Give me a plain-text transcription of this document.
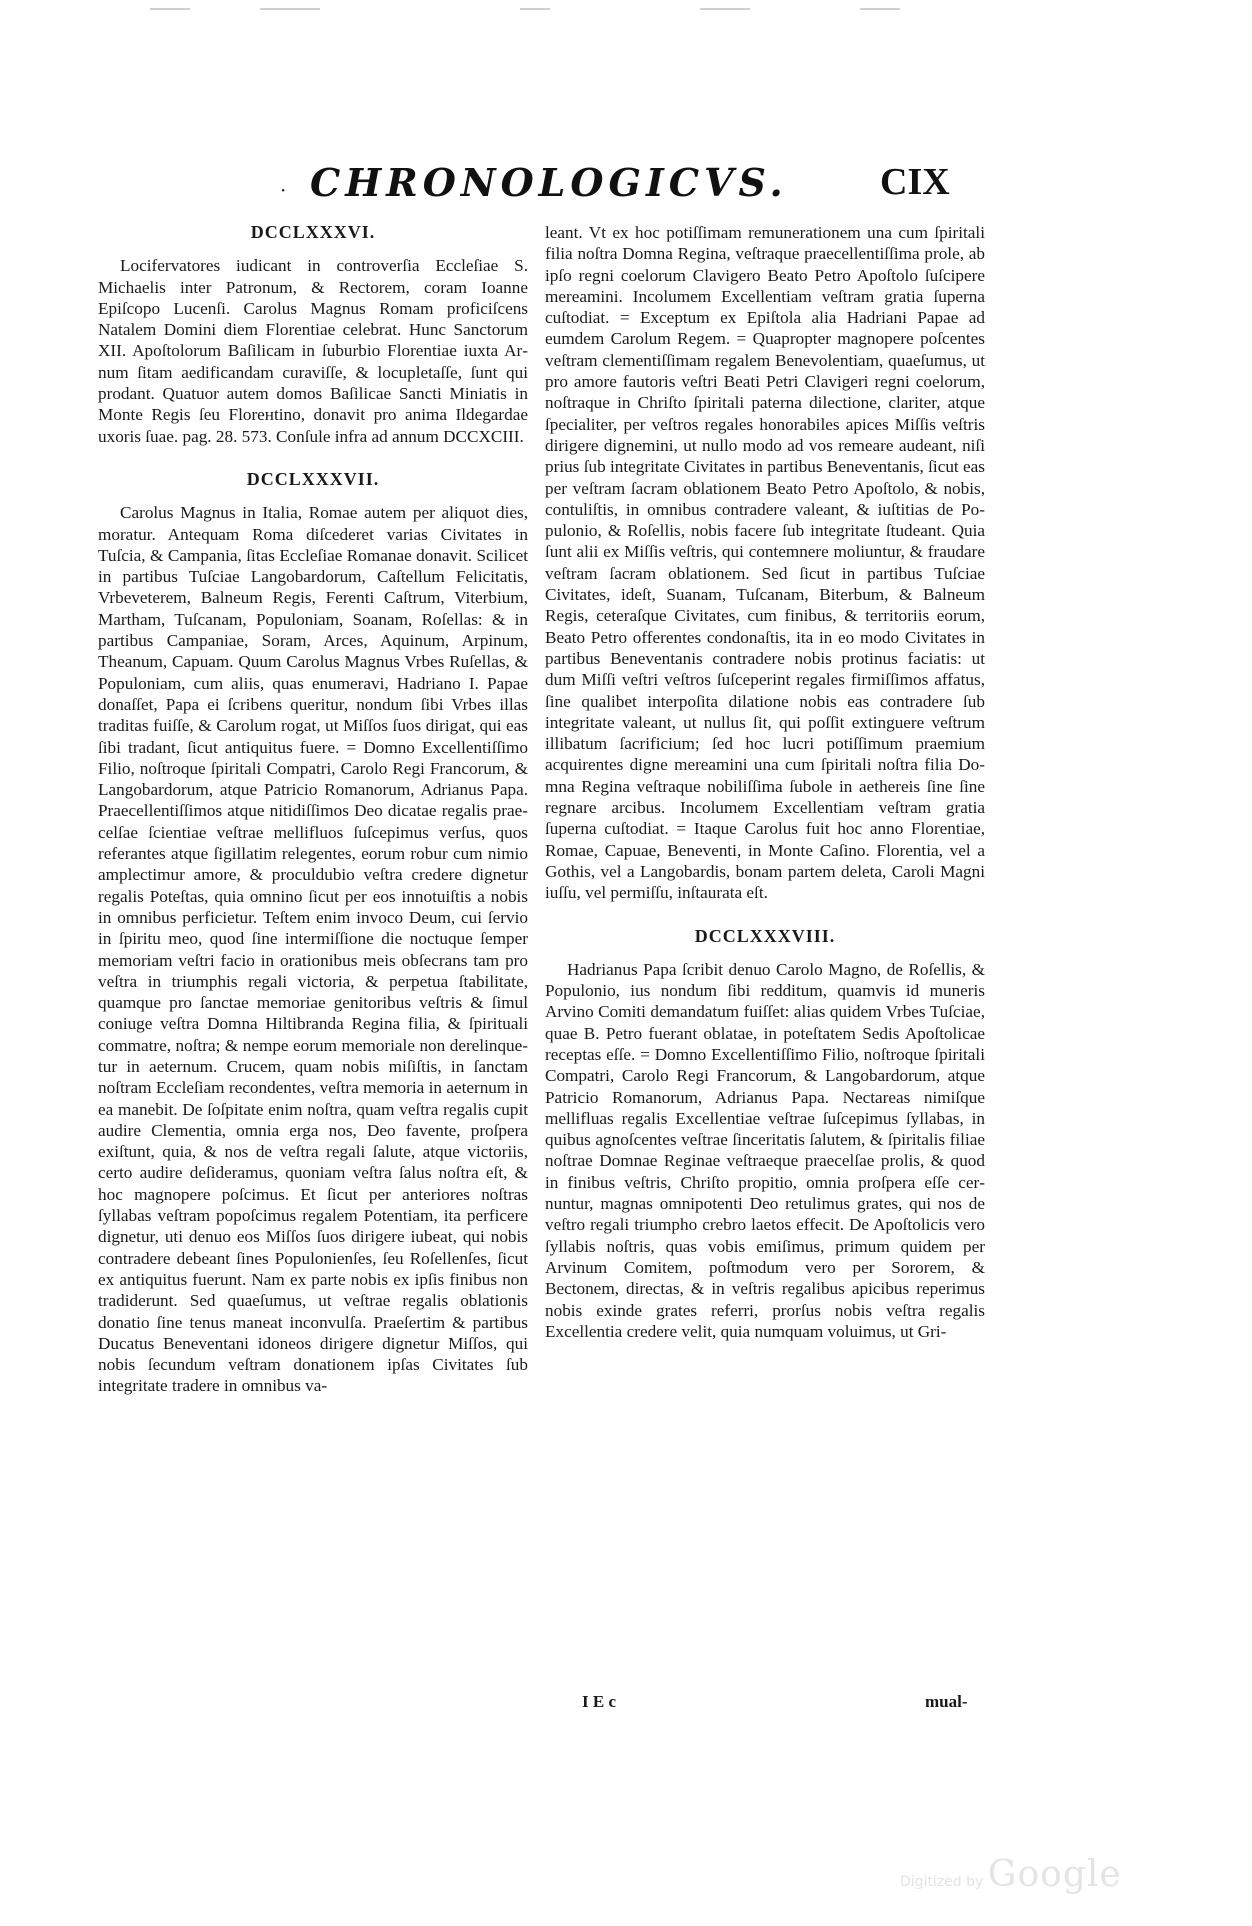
· CHRONOLOGICVS. CIX
DCCLXXXVI.

Locifervatores iudicant in controverſia Eccleſiae S. Michaelis inter Patronum, & Rectorem, coram Ioanne Epiſcopo Lucenſi. Carolus Magnus Romam proficiſcens Natalem Domini diem Florentiae celebrat. Hunc Sanctorum XII. Apoſtolorum Baſilicam in ſuburbio Florentiae iuxta Arnum ſitam aedificandam curaviſſe, & locupletaſſe, ſunt qui prodant. Quatuor autem domos Baſilicae Sancti Miniatis in Monte Regis ſeu Florенtino, donavit pro anima Ildegardae uxoris ſuae. pag. 28. 573. Conſule infra ad annum DCCXCIII.

DCCLXXXVII.

Carolus Magnus in Italia, Romae autem per aliquot dies, moratur. Antequam Roma diſcederet varias Civitates in Tuſcia, & Campania, ſitas Eccleſiae Romanae donavit. Scilicet in partibus Tuſciae Langobardorum, Caſtellum Felicitatis, Vrbeveterem, Balneum Regis, Ferenti Caſtrum, Viterbium, Martham, Tuſcanam, Populoniam, Soanam, Roſellas: & in partibus Campaniae, Soram, Arces, Aquinum, Arpinum, Theanum, Capuam. Quum Carolus Magnus Vrbes Ruſellas, & Populoniam, cum aliis, quas enumeravi, Hadriano I. Papae donaſſet, Papa ei ſcribens queritur, nondum ſibi Vrbes illas traditas fuiſſe, & Carolum rogat, ut Miſſos ſuos dirigat, qui eas ſibi tradant, ſicut antiquitus fuere. = Domno Excellentiſſimo Filio, noſtroque ſpiritali Compatri, Carolo Regi Francorum, & Langobardorum, atque Patricio Romanorum, Adrianus Papa. Praecellentiſſimos atque nitidiſſimos Deo dicatae regalis praecelſae ſcientiae veſtrae mellifluos ſuſcepimus verſus, quos referantes atque ſigillatim relegentes, eorum robur cum nimio amplectimur amore, & proculdubio veſtra credere dignetur regalis Poteſtas, quia omnino ſicut per eos innotuiſtis a nobis in omnibus perficietur. Teſtem enim invoco Deum, cui ſervio in ſpiritu meo, quod ſine intermiſſione die noctuque ſemper memoriam veſtri facio in orationibus meis obſecrans tam pro veſtra in triumphis regali victoria, & perpetua ſtabilitate, quamque pro ſanctae memoriae genitoribus veſtris & ſimul coniuge veſtra Domna Hiltibranda Regina filia, & ſpirituali commatre, noſtra; & nempe eorum memoriale non derelinquetur in aeternum. Crucem, quam nobis miſiſtis, in ſanctam noſtram Eccleſiam recondentes, veſtra memoria in aeternum in ea manebit. De ſoſpitate enim noſtra, quam veſtra regalis cupit audire Clementia, omnia erga nos, Deo favente, proſpera exiſtunt, quia, & nos de veſtra regali ſalute, atque victoriis, certo audire deſideramus, quoniam veſtra ſalus noſtra eſt, & hoc magnopere poſcimus. Et ſicut per anteriores noſtras ſyllabas veſtram popoſcimus regalem Potentiam, ita perficere dignetur, uti denuo eos Miſſos ſuos dirigere iubeat, qui nobis contradere debeant ſines Populonienſes, ſeu Roſellenſes, ſicut ex antiquitus fuerunt. Nam ex parte nobis ex ipſis finibus non tradiderunt. Sed quaeſumus, ut veſtrae regalis oblationis donatio ſine tenus maneat inconvulſa. Praeſertim & partibus Ducatus Beneventani idoneos dirigere dignetur Miſſos, qui nobis ſecundum veſtram donationem ipſas Civitates ſub integritate tradere in omnibus va-

leant. Vt ex hoc potiſſimam remunerationem una cum ſpiritali filia noſtra Domna Regina, veſtraque praecellentiſſima prole, ab ipſo regni coelorum Clavigero Beato Petro Apoſtolo ſuſcipere mereamini. Incolumem Excellentiam veſtram gratia ſuperna cuſtodiat. = Exceptum ex Epiſtola alia Hadriani Papae ad eumdem Carolum Regem. = Quapropter magnopere poſcentes veſtram clementiſſimam regalem Benevolentiam, quaeſumus, ut pro amore fautoris veſtri Beati Petri Clavigeri regni coelorum, noſtraque in Chriſto ſpiritali paterna dilectione, clariter, atque ſpecialiter, per veſtros regales honorabiles apices Miſſis veſtris dirigere dignemini, ut nullo modo ad vos remeare audeant, niſi prius ſub integritate Civitates in partibus Beneventanis, ſicut eas per veſtram ſacram oblationem Beato Petro Apoſtolo, & nobis, contuliſtis, in omnibus contradere valeant, & iuſtitias de Populonio, & Roſellis, nobis facere ſub integritate ſtudeant. Quia ſunt alii ex Miſſis veſtris, qui contemnere moliuntur, & fraudare veſtram ſacram oblationem. Sed ſicut in partibus Tuſciae Civitates, ideſt, Suanam, Tuſcanam, Biterbum, & Balneum Regis, ceteraſque Civitates, cum finibus, & territoriis eorum, Beato Petro offerentes condonaſtis, ita in eo modo Civitates in partibus Beneventanis contradere nobis protinus faciatis: ut dum Miſſi veſtri veſtros ſuſceperint regales firmiſſimos affatus, ſine qualibet interpoſita dilatione nobis eas contradere ſub integritate valeant, ut nullus ſit, qui poſſit extinguere veſtrum illibatum ſacrificium; ſed hoc lucri potiſſimum praemium acquirentes digne mereamini una cum ſpiritali noſtra filia Domna Regina veſtraque nobiliſſima ſubole in aethereis ſine ſine regnare arcibus. Incolumem Excellentiam veſtram gratia ſuperna cuſtodiat. = Itaque Carolus fuit hoc anno Florentiae, Romae, Capuae, Beneventi, in Monte Caſino. Florentia, vel a Gothis, vel a Langobardis, bonam partem deleta, Caroli Magni iuſſu, vel permiſſu, inſtaurata eſt.

DCCLXXXVIII.

Hadrianus Papa ſcribit denuo Carolo Magno, de Roſellis, & Populonio, ius nondum ſibi redditum, quamvis id muneris Arvino Comiti demandatum fuiſſet: alias quidem Vrbes Tuſciae, quae B. Petro fuerant oblatae, in poteſtatem Sedis Apoſtolicae receptas eſſe. = Domno Excellentiſſimo Filio, noſtroque ſpiritali Compatri, Carolo Regi Francorum, & Langobardorum, atque Patricio Romanorum, Adrianus Papa. Nectareas nimiſque mellifluas regalis Excellentiae veſtrae ſuſcepimus ſyllabas, in quibus agnoſcentes veſtrae ſinceritatis ſalutem, & ſpiritalis filiae noſtrae Domnae Reginae veſtraeque praecelſae prolis, & quod in finibus veſtris, Chriſto propitio, omnia proſpera eſſe cernuntur, magnas omnipotenti Deo retulimus grates, qui nos de veſtro regali triumpho crebro laetos effecit. De Apoſtolicis vero ſyllabis noſtris, quas vobis emiſimus, primum quidem per Arvinum Comitem, poſtmodum vero per Sororem, & Bectonem, directas, & in veſtris regalibus apicibus reperimus nobis exinde grates referri, prorſus nobis veſtra regalis Excellentia credere velit, quia numquam voluimus, ut Gri-

I E c	mual-
Digitized by Google
